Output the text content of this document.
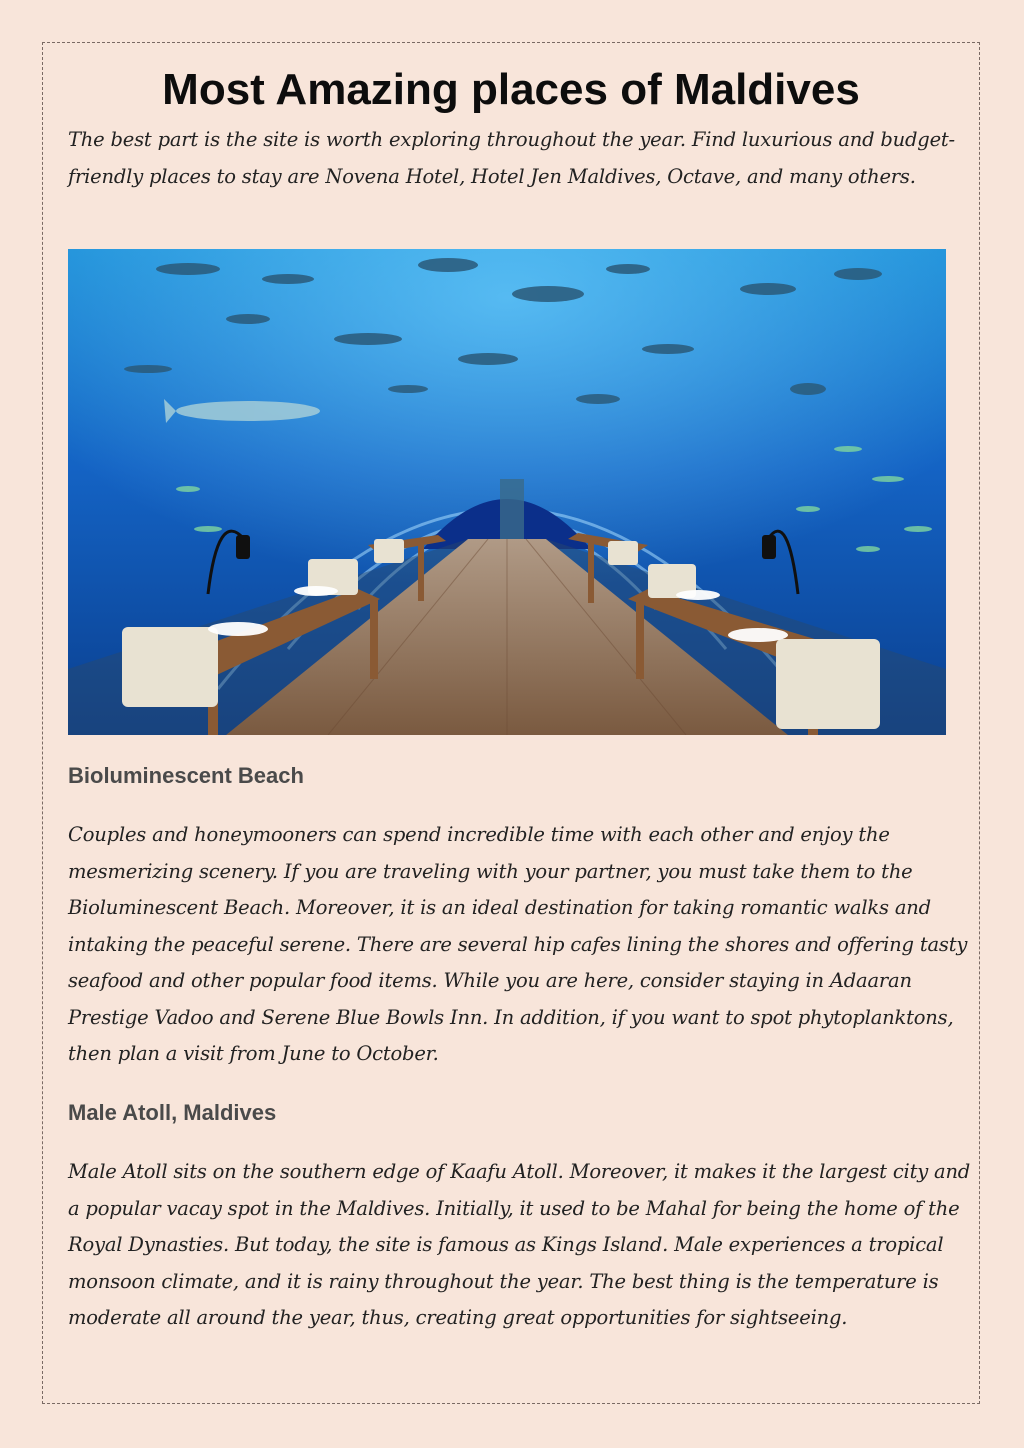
Most Amazing places of Maldives

The best part is the site is worth exploring throughout the year. Find luxurious and budget-friendly places to stay are Novena Hotel, Hotel Jen Maldives, Octave, and many others.

Bioluminescent Beach

Couples and honeymooners can spend incredible time with each other and enjoy the mesmerizing scenery. If you are traveling with your partner, you must take them to the Bioluminescent Beach. Moreover, it is an ideal destination for taking romantic walks and intaking the peaceful serene. There are several hip cafes lining the shores and offering tasty seafood and other popular food items. While you are here, consider staying in Adaaran Prestige Vadoo and Serene Blue Bowls Inn. In addition, if you want to spot phytoplanktons, then plan a visit from June to October.

Male Atoll, Maldives

Male Atoll sits on the southern edge of Kaafu Atoll. Moreover, it makes it the largest city and a popular vacay spot in the Maldives. Initially, it used to be Mahal for being the home of the Royal Dynasties. But today, the site is famous as Kings Island. Male experiences a tropical monsoon climate, and it is rainy throughout the year. The best thing is the temperature is moderate all around the year, thus, creating great opportunities for sightseeing.
